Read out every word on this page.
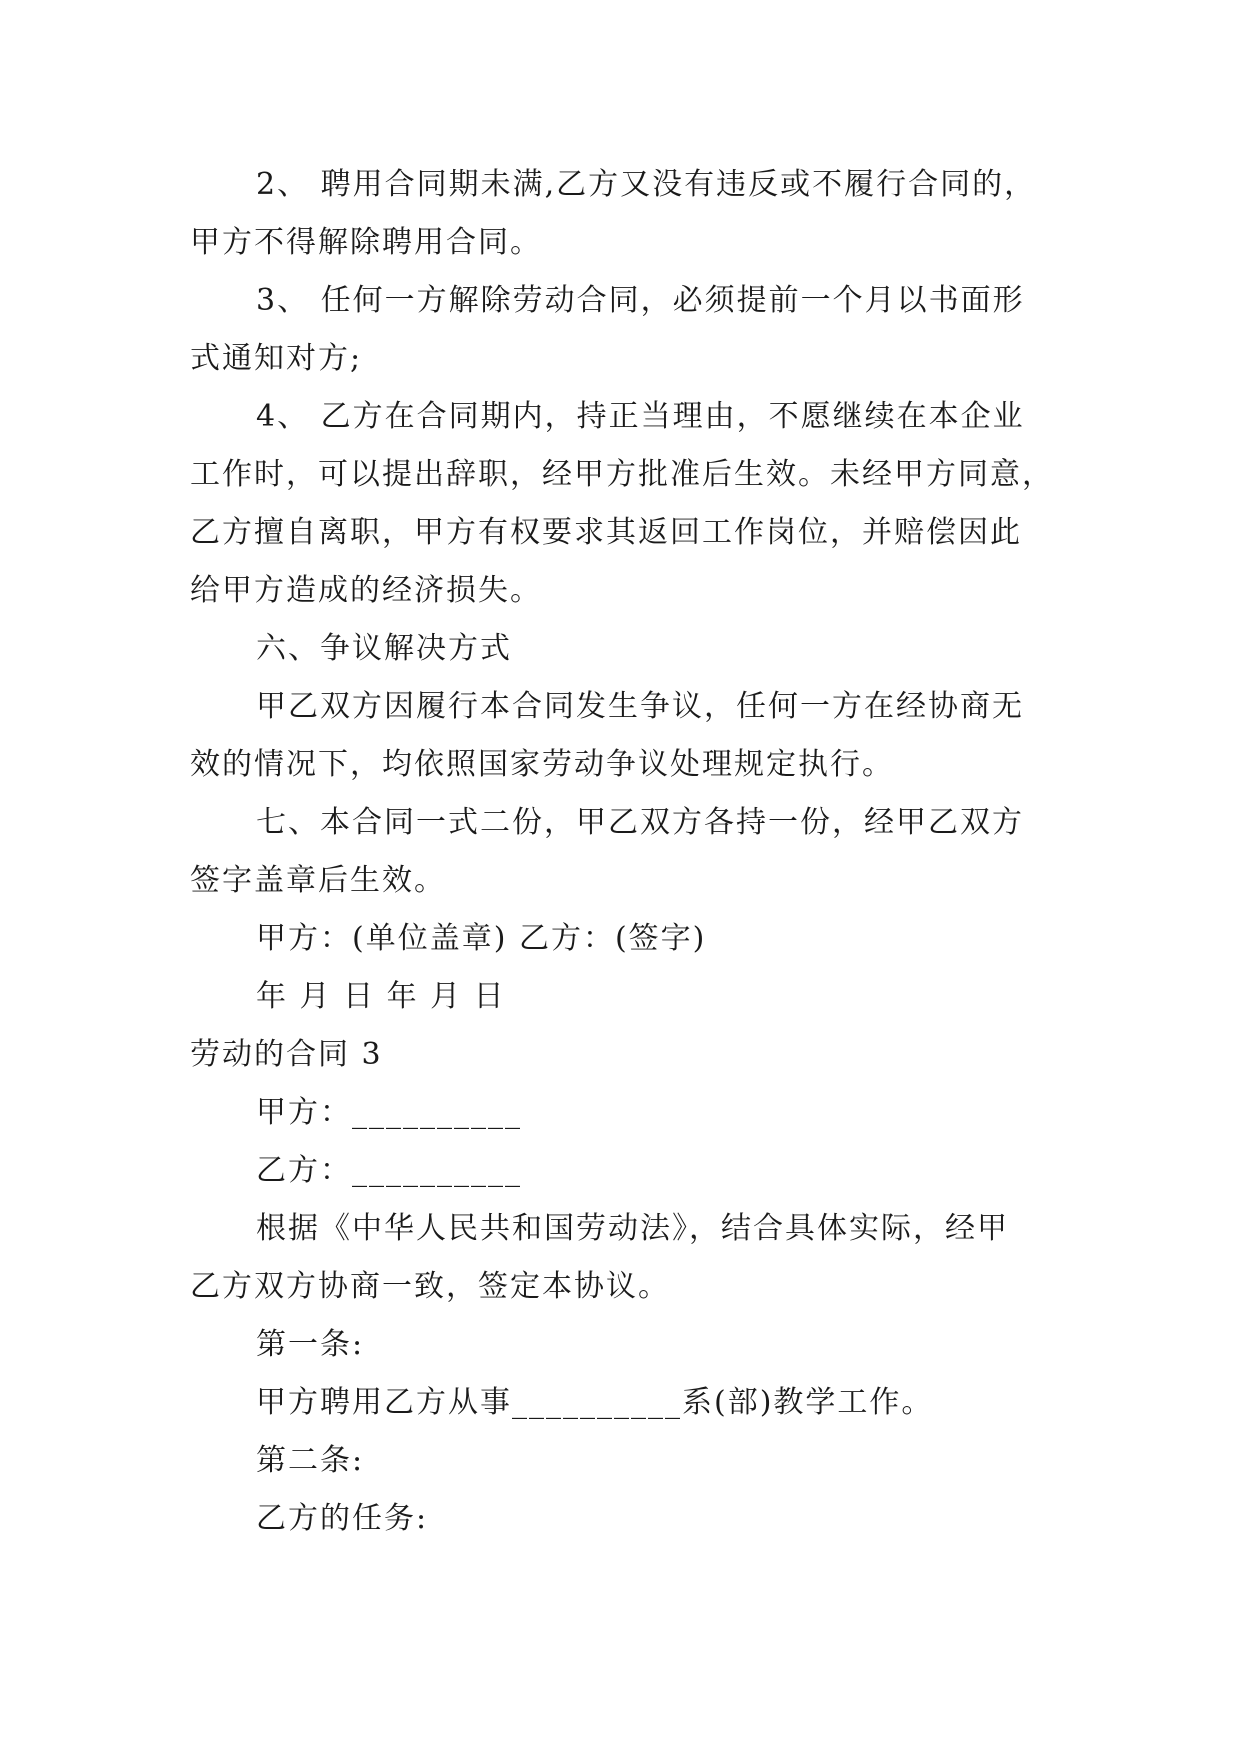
2、 聘用合同期未满,乙方又没有违反或不履行合同的，
甲方不得解除聘用合同。
3、 任何一方解除劳动合同，必须提前一个月以书面形
式通知对方;
4、 乙方在合同期内，持正当理由，不愿继续在本企业
工作时，可以提出辞职，经甲方批准后生效。未经甲方同意，
乙方擅自离职，甲方有权要求其返回工作岗位，并赔偿因此
给甲方造成的经济损失。
六、争议解决方式
甲乙双方因履行本合同发生争议，任何一方在经协商无
效的情况下，均依照国家劳动争议处理规定执行。
七、本合同一式二份，甲乙双方各持一份，经甲乙双方
签字盖章后生效。
甲方：(单位盖章) 乙方：(签字)
年 月 日 年 月 日
劳动的合同 3
甲方：__________
乙方：__________
根据《中华人民共和国劳动法》，结合具体实际，经甲
乙方双方协商一致，签定本协议。
第一条:
甲方聘用乙方从事__________系(部)教学工作。
第二条:
乙方的任务:
